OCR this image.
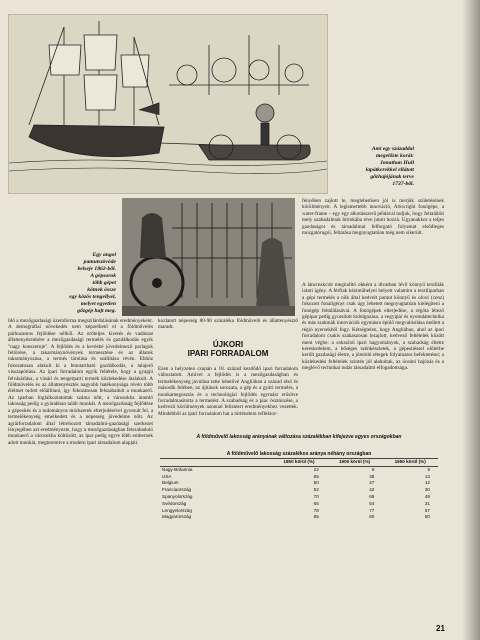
Ami egy századdal
megelőzte korát:
Jonathan Hull
lapátkerekkel ellátott
gőzhajójának terve
1737-ből.
Egy angol
pamutszövöde
belseje 1862-ből.
A gépsorok
több gépet
kötnek össze
egy közös tengellyel,
melyet egyetlen
gőzgép hajt meg.
fényében zajlott le, meglehetősen jól is merjük születésének körülményeit. A legismertebb innováció, Arkwright fonógépe, a water-frame – egy egy alkotásszerű példával tudjuk, hogy feltalálóit mely szabadalmak birtokába téve jutott hozzá. Ugyanakkor a teljes gazdaságot és társadalmat felforgató folyamat elsődleges mozgatórugói, feltárása megnyugtatóan még nem sikerült.
A láncreakciót megindító okként a divatban lévő könnyű textíliák iránti igény. A férfiak kéziműhelyei helyett valamint a textiliparban a gépi termelés a nők által kedvelt pamut könnyű és olcsó (cenz) fokozott fonaligényt csak úgy lehetett megnyugtatóan kielégíteni a fonógép feltalálásával. A fonógépek elterjedése, a régóta létező gépipar pedig gyorsított kidolgozása, a vegyipar és nyomdatechnika és más szakmák innovációk egymásra épülő megvalósítása mellett a régió nyersekből fogy. Kétségtelen, hogy Angliában, ahol az ipari forradalom csakis szakaszosan lezajlott, kedvező feltételek között ment végbe: a sokszínű ipari hagyományok, a szabadság éltette kereskedelem, a bőséges szénkészletek, a gépesítéssel előtérbe került gazdasági életre, a jómódú rétegek folyamatos befektetései; a közlekedési feltételek szintén jól alakultak, az óceáni hajózás és a meglévő technikai tudás társadalmi elfogadottsága.
Idő a mezőgazdasági üzemforma megszilárdulásának eredményeként. A demográfiai növekedés nem képzelhető el a földművelés párhuzamos fejlődése nélkül. Az erőteljes kivetés és vadászat állattenyésztésére a mezőgazdasági termelés és gazdálkodás egyik "nagy konszernje". A fejlődés és a kevésbé jövedelmező parlagok feltörése, a takarmánynövények termesztése és az állatok takarmányozása, a termés tárolása és szállítása révén. Ehhöz fokozatosan alakult ki a fenntartható gazdálkodás, a talajerő visszapótlása. Az ipari forradalom egyik feltétele, hogy a gyapjú felvásárlása, a vásári és tengerparti termék közlekedése átalakult. A földművelés és az állattenyésztés nagyobb hatékonysága révén több élelmet tudott előállítani, így fokozatosan felszabadult a munkaerő. Az iparban foglalkoztatottak száma nőtt, a városokba áramló lakosság pedig a gyárakban talált munkát. A mezőgazdaság fejlődése a gépesítés és a tudományos módszerek elterjedésével gyorsult fel, a termelékenység emelkedett és a népesség jövedelme nőtt. Az agrárforradalom által létrehozott társadalmi-gazdasági szerkezet lényegében azt eredményezte, hogy a mezőgazdaságban felszabaduló munkaerő a városokba költözött, az ipar pedig egyre több embernek adott munkát, megteremtve a modern ipari társadalom alapjait.
kozlatott népesség 80-90 százaléka földművelő és állattenyésztő maradt.
ÚJKORI
IPARI FORRADALOM
Ezen a helyzeten csupán a 18. század kezdődő ipari forradalom változtatott. Amivel a fejlődés is a mezőgazdaságban és termelékenység javulása tette lehetővé Angliában a század első és második felében, az újítások sorozata, a gép és a gyári termelés, a munkamegosztás és a technológiai fejlődés egymást erősítve forradalmasította a termelést. A szabadság és a piac ösztönzése, a kedvező körülmények azonnal felismert eredményekhez vezettek. Mindebből az ipari forradalom hat a történelem reflektor-
A földművelő lakosság arányának változása százalékban kifejezve egyes országokban
A földművelő lakosság százalékos aránya néhány országban
	1850 körül (%)	1900 körül (%)	1950 körül (%)
Nagy-Britannia	22	9	5
USA	65	38	13
Belgium	50	27	12
Franciaország	52	42	30
Spanyolország	70	68	49
Svédország	65	54	21
Lengyelország	78	77	57
Magyarország	85	60	50
21
